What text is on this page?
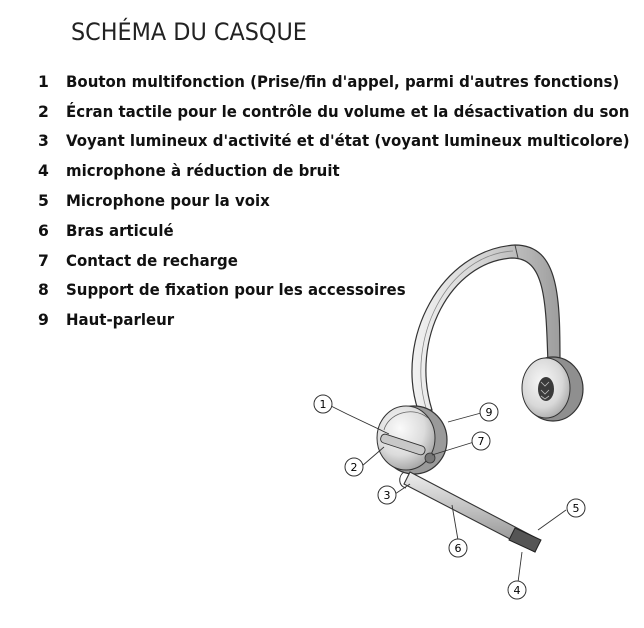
SCHÉMA DU CASQUE
1	Bouton multifonction (Prise/fin d'appel, parmi d'autres fonctions)
2	Écran tactile pour le contrôle du volume et la désactivation du son
3	Voyant lumineux d'activité et d'état (voyant lumineux multicolore)
4	microphone à réduction de bruit
5	Microphone pour la voix
6	Bras articulé
7	Contact de recharge
8	Support de fixation pour les accessoires
9	Haut-parleur
1
2
3
4
5
6
7
9
